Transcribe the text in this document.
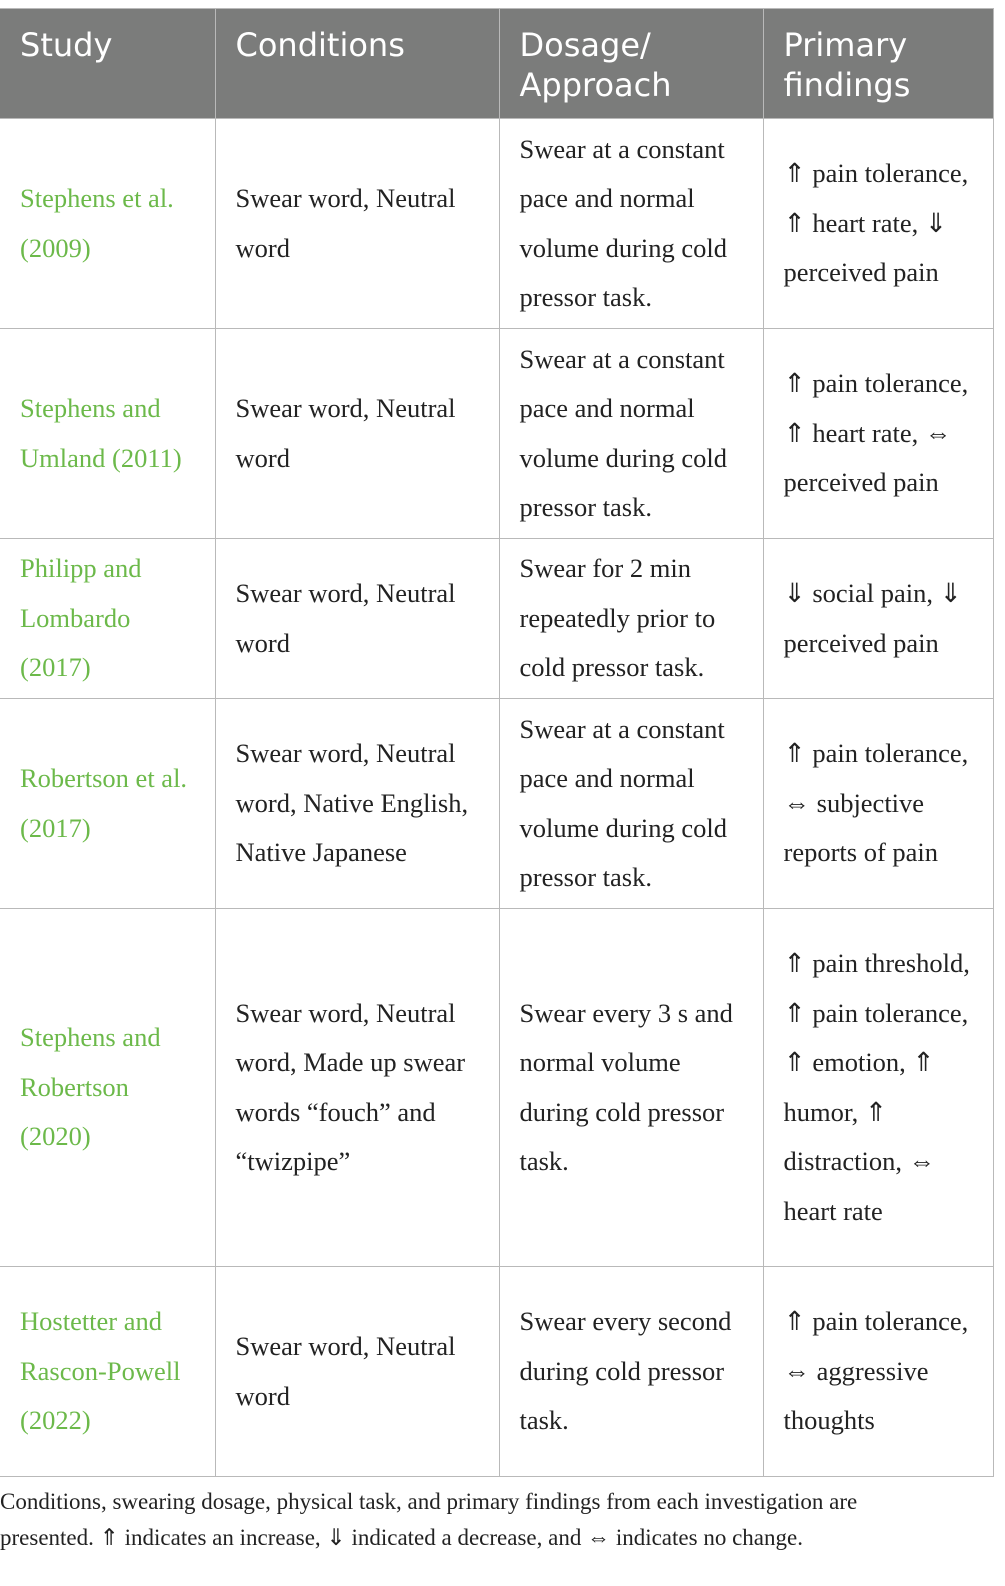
Study	Conditions	Dosage/ Approach	Primary findings
Stephens et al. (2009)	Swear word, Neutral word	Swear at a constant pace and normal volume during cold pressor task.	⇑ pain tolerance, ⇑ heart rate, ⇓ perceived pain
Stephens and Umland (2011)	Swear word, Neutral word	Swear at a constant pace and normal volume during cold pressor task.	⇑ pain tolerance, ⇑ heart rate, ⇔ perceived pain
Philipp and Lombardo (2017)	Swear word, Neutral word	Swear for 2 min repeatedly prior to cold pressor task.	⇓ social pain, ⇓ perceived pain
Robertson et al. (2017)	Swear word, Neutral word, Native English, Native Japanese	Swear at a constant pace and normal volume during cold pressor task.	⇑ pain tolerance, ⇔ subjective reports of pain
Stephens and Robertson (2020)	Swear word, Neutral word, Made up swear words “fouch” and “twizpipe”	Swear every 3 s and normal volume during cold pressor task.	⇑ pain threshold, ⇑ pain tolerance, ⇑ emotion, ⇑ humor, ⇑ distraction, ⇔ heart rate
Hostetter and Rascon-Powell (2022)	Swear word, Neutral word	Swear every second during cold pressor task.	⇑ pain tolerance, ⇔ aggressive thoughts

Conditions, swearing dosage, physical task, and primary findings from each investigation are

presented. ⇑ indicates an increase, ⇓ indicated a decrease, and ⇔ indicates no change.
